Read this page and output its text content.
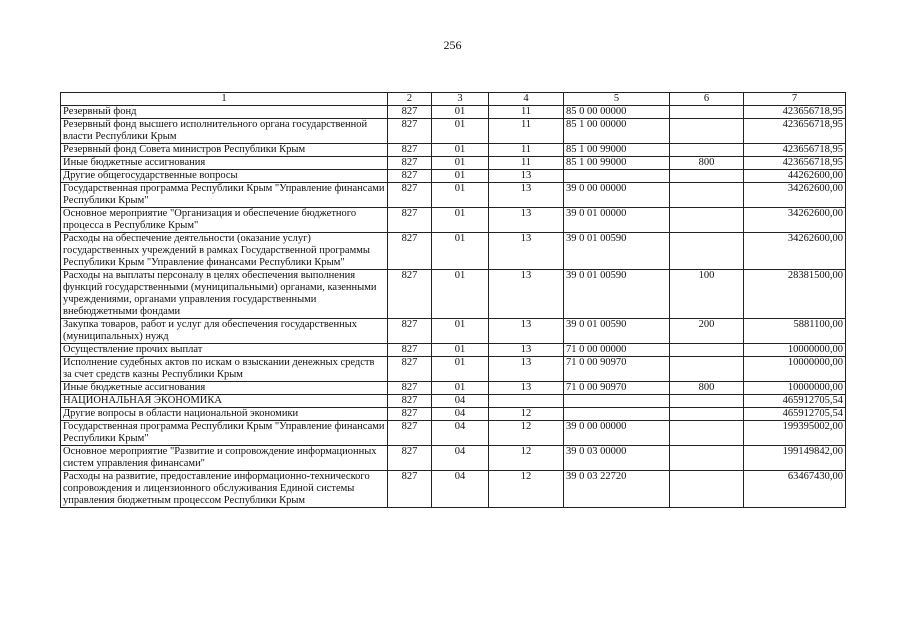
256
1	2	3	4	5	6	7
Резервный фонд	827	01	11	85 0 00 00000		423656718,95
Резервный фонд высшего исполнительного органа государственной власти Республики Крым	827	01	11	85 1 00 00000		423656718,95
Резервный фонд Совета министров Республики Крым	827	01	11	85 1 00 99000		423656718,95
Иные бюджетные ассигнования	827	01	11	85 1 00 99000	800	423656718,95
Другие общегосударственные вопросы	827	01	13			44262600,00
Государственная программа Республики Крым "Управление финансами Республики Крым"	827	01	13	39 0 00 00000		34262600,00
Основное мероприятие "Организация и обеспечение бюджетного процесса в Республике Крым"	827	01	13	39 0 01 00000		34262600,00
Расходы на обеспечение деятельности (оказание услуг) государственных учреждений в рамках Государственной программы Республики Крым "Управление финансами Республики Крым"	827	01	13	39 0 01 00590		34262600,00
Расходы на выплаты персоналу в целях обеспечения выполнения функций государственными (муниципальными) органами, казенными учреждениями, органами управления государственными внебюджетными фондами	827	01	13	39 0 01 00590	100	28381500,00
Закупка товаров, работ и услуг для обеспечения государственных (муниципальных) нужд	827	01	13	39 0 01 00590	200	5881100,00
Осуществление прочих выплат	827	01	13	71 0 00 00000		10000000,00
Исполнение судебных актов по искам о взыскании денежных средств за счет средств казны Республики Крым	827	01	13	71 0 00 90970		10000000,00
Иные бюджетные ассигнования	827	01	13	71 0 00 90970	800	10000000,00
НАЦИОНАЛЬНАЯ ЭКОНОМИКА	827	04				465912705,54
Другие вопросы в области национальной экономики	827	04	12			465912705,54
Государственная программа Республики Крым "Управление финансами Республики Крым"	827	04	12	39 0 00 00000		199395002,00
Основное мероприятие "Развитие и сопровождение информационных систем управления финансами"	827	04	12	39 0 03 00000		199149842,00
Расходы на развитие, предоставление информационно-технического сопровождения и лицензионного обслуживания Единой системы управления бюджетным процессом Республики Крым	827	04	12	39 0 03 22720		63467430,00
